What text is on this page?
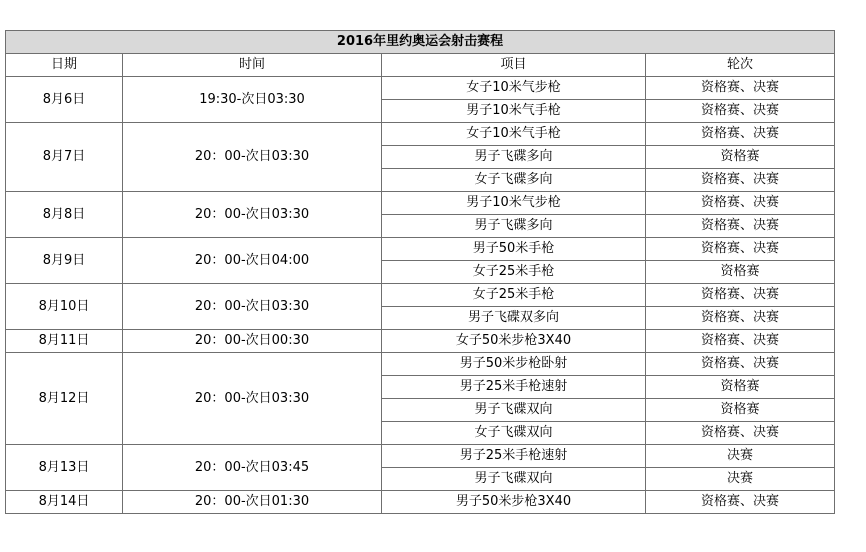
2016年里约奥运会射击赛程			
日期	时间	项目	轮次
8月6日	19:30-次日03:30	女子10米气步枪	资格赛、决赛
		男子10米气手枪	资格赛、决赛
8月7日	20：00-次日03:30	女子10米气手枪	资格赛、决赛
		男子飞碟多向	资格赛
		女子飞碟多向	资格赛、决赛
8月8日	20：00-次日03:30	男子10米气步枪	资格赛、决赛
		男子飞碟多向	资格赛、决赛
8月9日	20：00-次日04:00	男子50米手枪	资格赛、决赛
		女子25米手枪	资格赛
8月10日	20：00-次日03:30	女子25米手枪	资格赛、决赛
		男子飞碟双多向	资格赛、决赛
8月11日	20：00-次日00:30	女子50米步枪3X40	资格赛、决赛
8月12日	20：00-次日03:30	男子50米步枪卧射	资格赛、决赛
		男子25米手枪速射	资格赛
		男子飞碟双向	资格赛
		女子飞碟双向	资格赛、决赛
8月13日	20：00-次日03:45	男子25米手枪速射	决赛
		男子飞碟双向	决赛
8月14日	20：00-次日01:30	男子50米步枪3X40	资格赛、决赛
